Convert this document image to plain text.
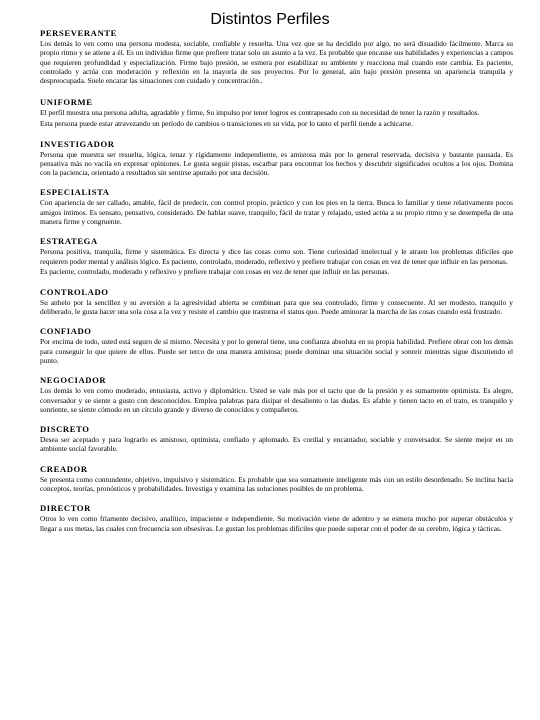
Distintos Perfiles
PERSEVERANTE

Los demás lo ven como una persona modesta, sociable, confiable y resuelta. Una vez que se ha decidido por algo, no será disuadido fácilmente. Marca su propio ritmo y se atiene a él. Es un individuo firme que prefiere tratar solo un asunto a la vez. Es probable que encause sus habilidades y experiencias a campos que requieren profundidad y especialización. Firme bajo presión, se esmera por estabilizar su ambiente y reacciona mal cuando este cambia. Es paciente, controlado y actúa con moderación y reflexión en la mayoría de sus proyectos. Por lo general, aún bajo presión presenta un apariencia tranquila y despreocupada. Suele encarar las situaciones con cuidado y concentración..

UNIFORME

El perfil muestra una persona adulta, agradable y firme, Su impulso por tener logros es contrapesado con su necesidad de tener la razón y resultados.

Esta persona puede estar atravezando un período de cambios o transiciones en su vida, por lo tanto el perfil tiende a achicarse.

INVESTIGADOR

Persona que muestra ser resuelta, lógica, tenaz y rígidamente independiente, es amistosa más por lo general reservada, decisiva y bastante pausada. Es pensativa más no vacila en expresar opiniones. Le gusta seguir pistas, escarbar para encontrar los hechos y descubrir significados ocultos a los ojos. Domina con la paciencia, orientado a resultados sin sentirse apurado por una decisión.

ESPECIALISTA

Con apariencia de ser callado, amable, fácil de predecir, con control propio, práctico y con los pies en la tierra. Busca lo familiar y tiene relativamente pocos amigos íntimos. Es sensato, pensativo, considerado. De hablar suave, tranquilo, fácil de tratar y relajado, usted actúa a su propio ritmo y se desempeña de una manera firme y congruente.

ESTRATEGA

Persona positiva, tranquila, firme y sistemática. Es directa y dice las cosas como son. Tiene curiosidad intelectual y le atraen los problemas difíciles que requieren poder mental y análisis lógico. Es paciente, controlado, moderado, reflexivo y prefiere trabajar con cosas en vez de tener que influir en las personas.

Es paciente, controlado, moderado y reflexivo y prefiere trabajar con cosas en vez de tener que influir en las personas.

CONTROLADO

Su anhelo por la sencillez y su aversión a la agresividad abierta se combinan para que sea controlado, firme y consecuente. Al ser modesto, tranquilo y deliberado, le gusta hacer una sola cosa a la vez y resiste el cambio que trastorna el status quo. Puede aminorar la marcha de las cosas cuando está frustrado.

CONFIADO

Por encima de todo, usted está seguro de sí mismo. Necesita y por lo general tiene, una confianza absoluta en su propia habilidad. Prefiere obrar con los demás para conseguir lo que quiere de ellos. Puede ser terco de una manera amistosa; puede dominar una situación social y sonreír mientras sigue discutiendo el punto.

NEGOCIADOR

Los demás lo ven como moderado, entusiasta, activo y diplomático. Usted se vale más por el tacto que de la presión y es sumamente optimista. Es alegre, conversador y se siente a gusto con desconocidos. Emplea palabras para disipar el desaliento o las dudas. Es afable y tienen tacto en el trato, es tranquilo y sonriente, se siente cómodo en un círculo grande y diverso de conocidos y compañeros.

DISCRETO

Desea ser aceptado y para lograrlo es amistoso, optimista, confiado y aplomado. Es cordial y encantador, sociable y conversador. Se siente mejor en un ambiente social favorable.

CREADOR

Se presenta como contundente, objetivo, impulsivo y sistemático. Es probable que sea sumamente inteligente más con un estilo desordenado. Se inclina hacia conceptos, teorías, pronósticos y probabilidades. Investiga y examina las soluciones posibles de un problema.

DIRECTOR

Otros lo ven como fríamente decisivo, analítico, impaciente e independiente. Su motivación viene de adentro y se esmera mucho por superar obstáculos y llegar a sus metas, las cuales con frecuencia son obsesivas. Le gustan los problemas difíciles que puede superar con el poder de su cerebro, lógica y tácticas.
